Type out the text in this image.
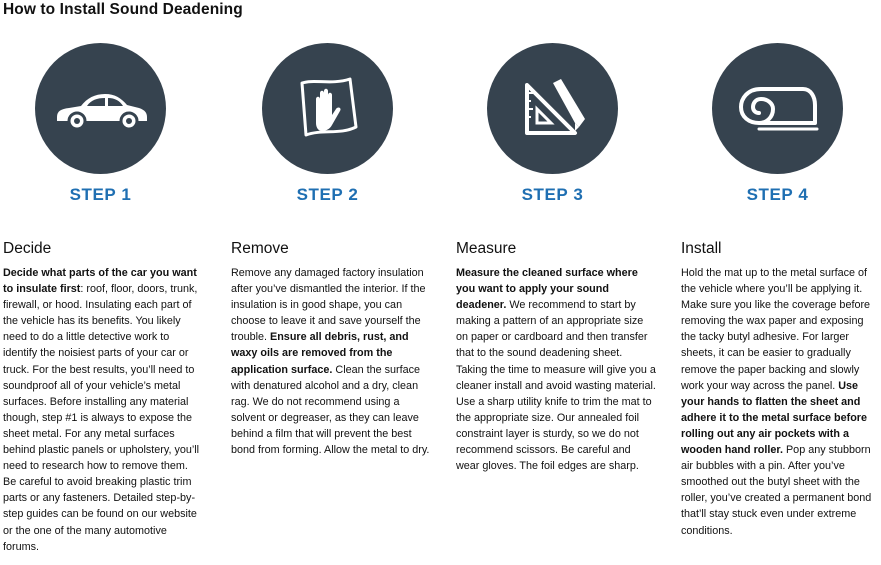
How to Install Sound Deadening
STEP 1
Decide

Decide what parts of the car you want to insulate first: roof, floor, doors, trunk, firewall, or hood. Insulating each part of the vehicle has its benefits. You likely need to do a little detective work to identify the noisiest parts of your car or truck. For the best results, you’ll need to soundproof all of your vehicle’s metal surfaces. Before installing any material though, step #1 is always to expose the sheet metal. For any metal surfaces behind plastic panels or upholstery, you’ll need to research how to remove them. Be careful to avoid breaking plastic trim parts or any fasteners. Detailed step-by-step guides can be found on our website or the one of the many automotive forums.

STEP 2
Remove

Remove any damaged factory insulation after you’ve dismantled the interior. If the insulation is in good shape, you can choose to leave it and save yourself the trouble. Ensure all debris, rust, and waxy oils are removed from the application surface. Clean the surface with denatured alcohol and a dry, clean rag. We do not recommend using a solvent or degreaser, as they can leave behind a film that will prevent the best bond from forming. Allow the metal to dry.

STEP 3
Measure

Measure the cleaned surface where you want to apply your sound deadener. We recommend to start by making a pattern of an appropriate size on paper or cardboard and then transfer that to the sound deadening sheet. Taking the time to measure will give you a cleaner install and avoid wasting material. Use a sharp utility knife to trim the mat to the appropriate size. Our annealed foil constraint layer is sturdy, so we do not recommend scissors. Be careful and wear gloves. The foil edges are sharp.

STEP 4
Install

Hold the mat up to the metal surface of the vehicle where you’ll be applying it. Make sure you like the coverage before removing the wax paper and exposing the tacky butyl adhesive. For larger sheets, it can be easier to gradually remove the paper backing and slowly work your way across the panel. Use your hands to flatten the sheet and adhere it to the metal surface before rolling out any air pockets with a wooden hand roller. Pop any stubborn air bubbles with a pin. After you’ve smoothed out the butyl sheet with the roller, you’ve created a permanent bond that’ll stay stuck even under extreme conditions.
